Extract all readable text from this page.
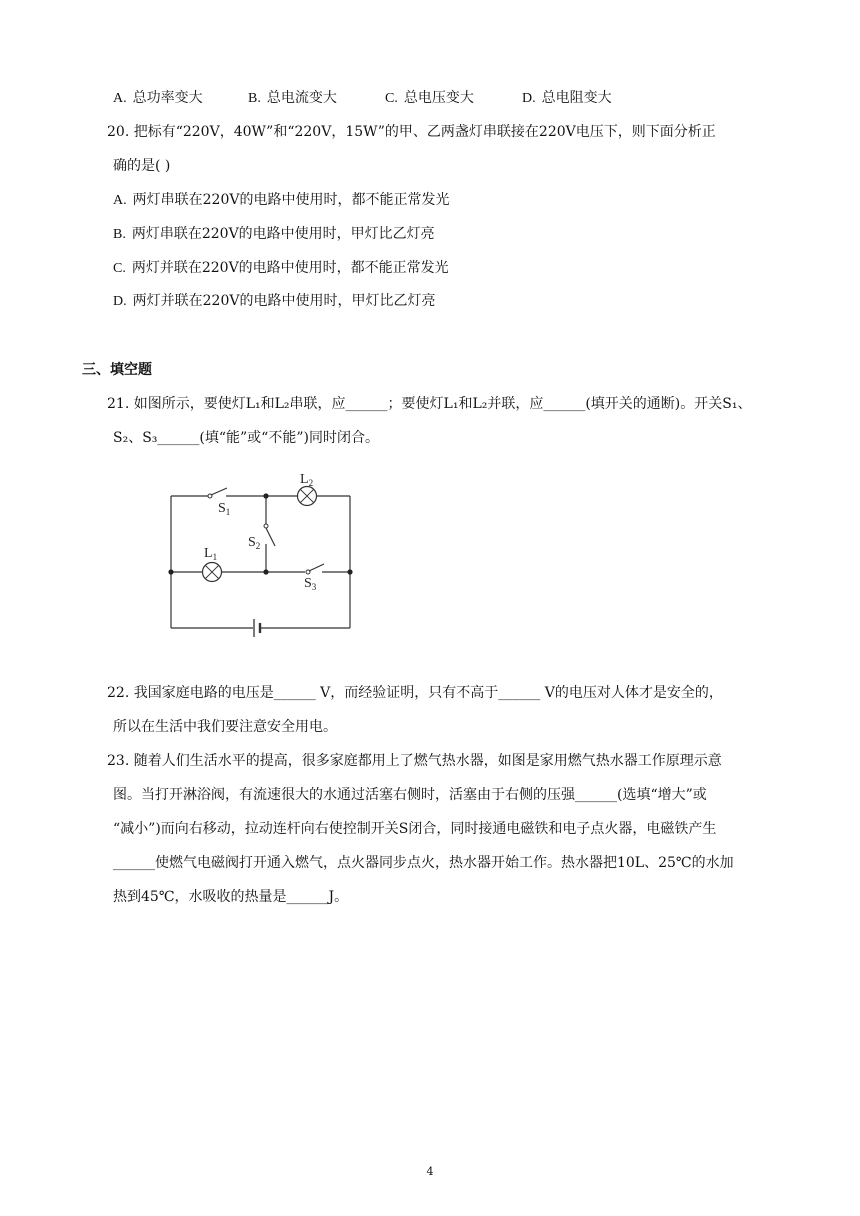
A. 总功率变大	B. 总电流变大	C. 总电压变大	D. 总电阻变大
20. 把标有“220V，40W”和“220V，15W”的甲、乙两盏灯串联接在220V电压下，则下面分析正
确的是( )
A. 两灯串联在220V的电路中使用时，都不能正常发光
B. 两灯串联在220V的电路中使用时，甲灯比乙灯亮
C. 两灯并联在220V的电路中使用时，都不能正常发光
D. 两灯并联在220V的电路中使用时，甲灯比乙灯亮
三、填空题
21. 如图所示，要使灯L₁和L₂串联，应______；要使灯L₁和L₂并联，应______(填开关的通断)。开关S₁、
S₂、S₃______(填“能”或“不能”)同时闭合。
$L_2$
$S_1$
$S_2$
$L_1$
$S_3$
22. 我国家庭电路的电压是______ V，而经验证明，只有不高于______ V的电压对人体才是安全的，
所以在生活中我们要注意安全用电。
23. 随着人们生活水平的提高，很多家庭都用上了燃气热水器，如图是家用燃气热水器工作原理示意
图。当打开淋浴阀，有流速很大的水通过活塞右侧时，活塞由于右侧的压强______(选填“增大”或
“减小”)而向右移动，拉动连杆向右使控制开关S闭合，同时接通电磁铁和电子点火器，电磁铁产生
______使燃气电磁阀打开通入燃气，点火器同步点火，热水器开始工作。热水器把10L、25℃的水加
热到45℃，水吸收的热量是______J。
4
